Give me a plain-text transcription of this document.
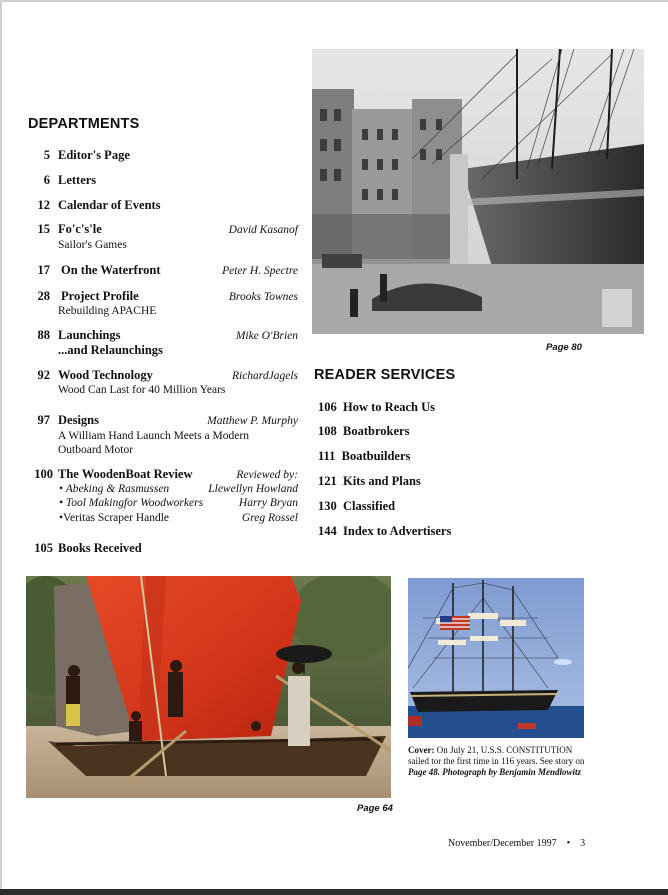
DEPARTMENTS
5 Editor's Page
6 Letters
12 Calendar of Events
15 Fo'c's'le	David Kasanof
Sailor's Games
17 On the Waterfront	Peter H. Spectre
28 Project Profile	Brooks Townes
Rebuilding APACHE
88 Launchings	Mike O'Brien
...and Relaunchings
92 Wood Technology	RichardJagels
Wood Can Last for 40 Million Years
97 Designs	Matthew P. Murphy
A William Hand Launch Meets a Modern
Outboard Motor
100 The WoodenBoat Review	Reviewed by:
• Abeking & Rasmussen	Llewellyn Howland
• Tool Makingfor Woodworkers	Harry Bryan
•Veritas Scraper Handle	Greg Rossel
105 Books Received
Page 80
READER SERVICES
106 How to Reach Us
108 Boatbrokers
111 Boatbuilders
121 Kits and Plans
130 Classified
144 Index to Advertisers
Page 64
Cover: On July 21, U.S.S. CONSTITUTION sailed tor the first time in 116 years. See story on Page 48. Photograph by Benjamin Mendlowitz
November/December 1997 • 3
